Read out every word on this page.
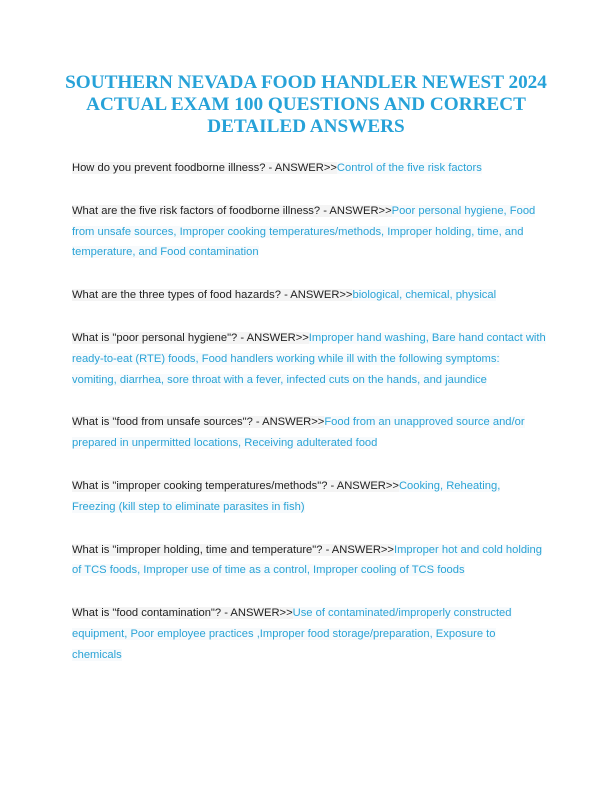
SOUTHERN NEVADA FOOD HANDLER NEWEST 2024 ACTUAL EXAM 100 QUESTIONS AND CORRECT DETAILED ANSWERS

How do you prevent foodborne illness? - ANSWER>>Control of the five risk factors

What are the five risk factors of foodborne illness? - ANSWER>>Poor personal hygiene, Food from unsafe sources, Improper cooking temperatures/methods, Improper holding, time, and temperature, and Food contamination

What are the three types of food hazards? - ANSWER>>biological, chemical, physical

What is "poor personal hygiene"? - ANSWER>>Improper hand washing, Bare hand contact with ready-to-eat (RTE) foods, Food handlers working while ill with the following symptoms: vomiting, diarrhea, sore throat with a fever, infected cuts on the hands, and jaundice

What is "food from unsafe sources"? - ANSWER>>Food from an unapproved source and/or prepared in unpermitted locations, Receiving adulterated food

What is "improper cooking temperatures/methods"? - ANSWER>>Cooking, Reheating, Freezing (kill step to eliminate parasites in fish)

What is "improper holding, time and temperature"? - ANSWER>>Improper hot and cold holding of TCS foods, Improper use of time as a control, Improper cooling of TCS foods

What is "food contamination"? - ANSWER>>Use of contaminated/improperly constructed equipment, Poor employee practices ,Improper food storage/preparation, Exposure to chemicals
